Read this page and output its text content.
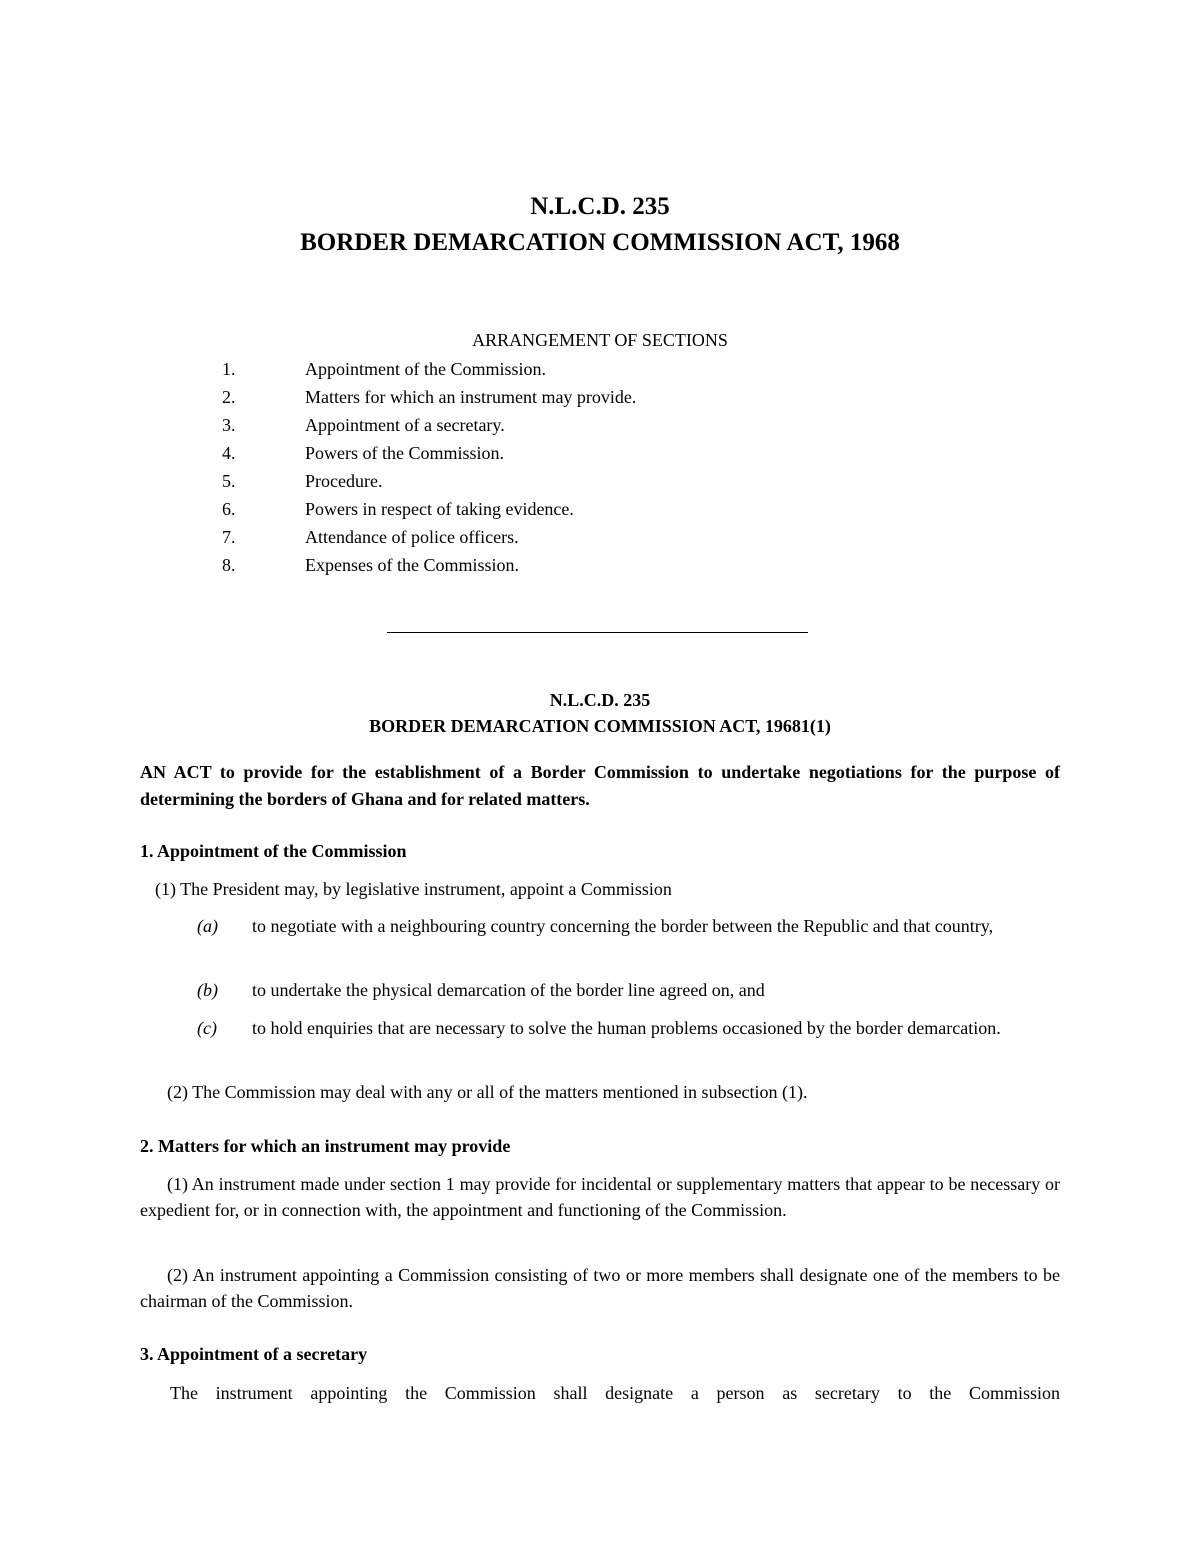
N.L.C.D. 235
BORDER DEMARCATION COMMISSION ACT, 1968
ARRANGEMENT OF SECTIONS
1.	Appointment of the Commission.
2.	Matters for which an instrument may provide.
3.	Appointment of a secretary.
4.	Powers of the Commission.
5.	Procedure.
6.	Powers in respect of taking evidence.
7.	Attendance of police officers.
8.	Expenses of the Commission.
N.L.C.D. 235
BORDER DEMARCATION COMMISSION ACT, 19681(1)
AN ACT to provide for the establishment of a Border Commission to undertake negotiations for the purpose of determining the borders of Ghana and for related matters.
1. Appointment of the Commission
(1) The President may, by legislative instrument, appoint a Commission
(a) to negotiate with a neighbouring country concerning the border between the Republic and that country,
(b) to undertake the physical demarcation of the border line agreed on, and
(c) to hold enquiries that are necessary to solve the human problems occasioned by the border demarcation.
(2) The Commission may deal with any or all of the matters mentioned in subsection (1).
2. Matters for which an instrument may provide
(1) An instrument made under section 1 may provide for incidental or supplementary matters that appear to be necessary or expedient for, or in connection with, the appointment and functioning of the Commission.
(2) An instrument appointing a Commission consisting of two or more members shall designate one of the members to be chairman of the Commission.
3. Appointment of a secretary
The instrument appointing the Commission shall designate a person as secretary to the Commission
